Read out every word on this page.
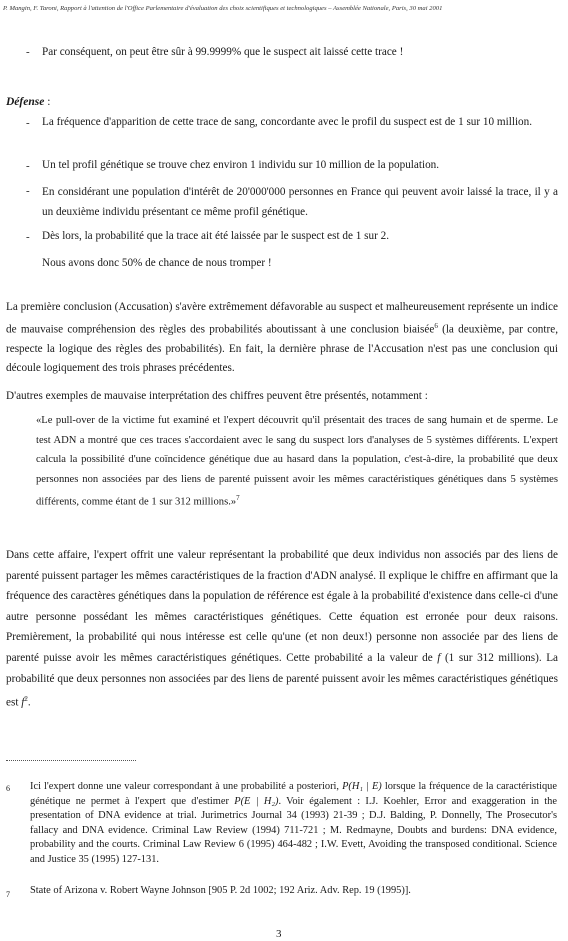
P. Mangin, F. Taroni, Rapport à l'attention de l'Office Parlementaire d'évaluation des choix scientifiques et technologiques – Assemblée Nationale, Paris, 30 mai 2001
- Par conséquent, on peut être sûr à 99.9999% que le suspect ait laissé cette trace !
Défense :
- La fréquence d'apparition de cette trace de sang, concordante avec le profil du suspect est de 1 sur 10 million.

- Un tel profil génétique se trouve chez environ 1 individu sur 10 million de la population.
- En considérant une population d'intérêt de 20'000'000 personnes en France qui peuvent avoir laissé la trace, il y a un deuxième individu présentant ce même profil génétique.

- Dès lors, la probabilité que la trace ait été laissée par le suspect est de 1 sur 2.
Nous avons donc 50% de chance de nous tromper !

La première conclusion (Accusation) s'avère extrêmement défavorable au suspect et malheureusement représente un indice de mauvaise compréhension des règles des probabilités aboutissant à une conclusion biaisée$^6$ (la deuxième, par contre, respecte la logique des règles des probabilités). En fait, la dernière phrase de l'Accusation n'est pas une conclusion qui découle logiquement des trois phrases précédentes.

D'autres exemples de mauvaise interprétation des chiffres peuvent être présentés, notamment :

«Le pull-over de la victime fut examiné et l'expert découvrit qu'il présentait des traces de sang humain et de sperme. Le test ADN a montré que ces traces s'accordaient avec le sang du suspect lors d'analyses de 5 systèmes différents. L'expert calcula la possibilité d'une coïncidence génétique due au hasard dans la population, c'est-à-dire, la probabilité que deux personnes non associées par des liens de parenté puissent avoir les mêmes caractéristiques génétiques dans 5 systèmes différents, comme étant de 1 sur 312 millions.»$^7$

Dans cette affaire, l'expert offrit une valeur représentant la probabilité que deux individus non associés par des liens de parenté puissent partager les mêmes caractéristiques de la fraction d'ADN analysé. Il explique le chiffre en affirmant que la fréquence des caractères génétiques dans la population de référence est égale à la probabilité d'existence dans celle-ci d'une autre personne possédant les mêmes caractéristiques génétiques. Cette équation est erronée pour deux raisons. Premièrement, la probabilité qui nous intéresse est celle qu'une (et non deux!) personne non associée par des liens de parenté puisse avoir les mêmes caractéristiques génétiques. Cette probabilité a la valeur de f (1 sur 312 millions). La probabilité que deux personnes non associées par des liens de parenté puissent avoir les mêmes caractéristiques génétiques est $f^2$.

6 Ici l'expert donne une valeur correspondant à une probabilité a posteriori, P(H₁ | E) lorsque la fréquence de la caractéristique génétique ne permet à l'expert que d'estimer P(E | H₂). Voir également : I.J. Koehler, Error and exaggeration in the presentation of DNA evidence at trial. Jurimetrics Journal 34 (1993) 21-39 ; D.J. Balding, P. Donnelly, The Prosecutor's fallacy and DNA evidence. Criminal Law Review (1994) 711-721 ; M. Redmayne, Doubts and burdens: DNA evidence, probability and the courts. Criminal Law Review 6 (1995) 464-482 ; I.W. Evett, Avoiding the transposed conditional. Science and Justice 35 (1995) 127-131.

7 State of Arizona v. Robert Wayne Johnson [905 P. 2d 1002; 192 Ariz. Adv. Rep. 19 (1995)].
3
